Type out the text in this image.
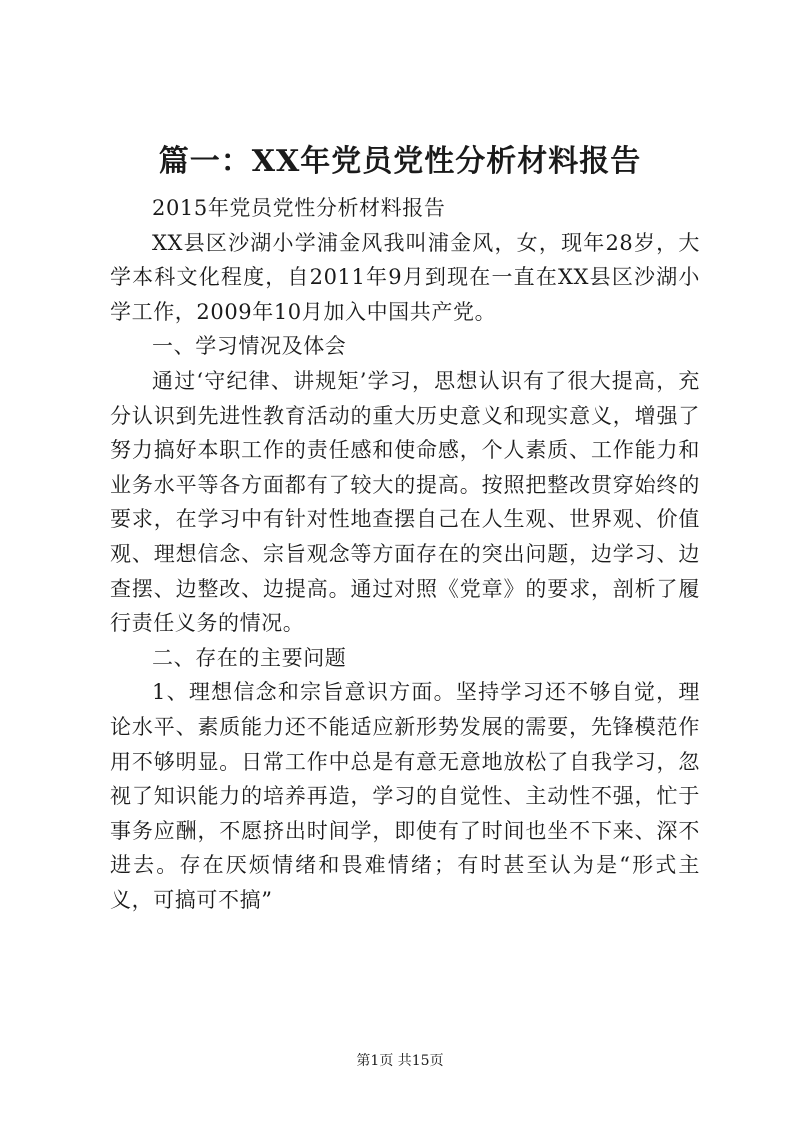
篇一：XX年党员党性分析材料报告

2015年党员党性分析材料报告

XX县区沙湖小学浦金风我叫浦金风，女，现年28岁，大学本科文化程度，自2011年9月到现在一直在XX县区沙湖小学工作，2009年10月加入中国共产党。

一、学习情况及体会

通过‘守纪律、讲规矩’学习，思想认识有了很大提高，充分认识到先进性教育活动的重大历史意义和现实意义，增强了努力搞好本职工作的责任感和使命感，个人素质、工作能力和业务水平等各方面都有了较大的提高。按照把整改贯穿始终的要求，在学习中有针对性地查摆自己在人生观、世界观、价值观、理想信念、宗旨观念等方面存在的突出问题，边学习、边查摆、边整改、边提高。通过对照《党章》的要求，剖析了履行责任义务的情况。

二、存在的主要问题

1、理想信念和宗旨意识方面。坚持学习还不够自觉，理论水平、素质能力还不能适应新形势发展的需要，先锋模范作用不够明显。日常工作中总是有意无意地放松了自我学习，忽视了知识能力的培养再造，学习的自觉性、主动性不强，忙于事务应酬，不愿挤出时间学，即使有了时间也坐不下来、深不进去。存在厌烦情绪和畏难情绪；有时甚至认为是“形式主义，可搞可不搞”

第1页 共15页
